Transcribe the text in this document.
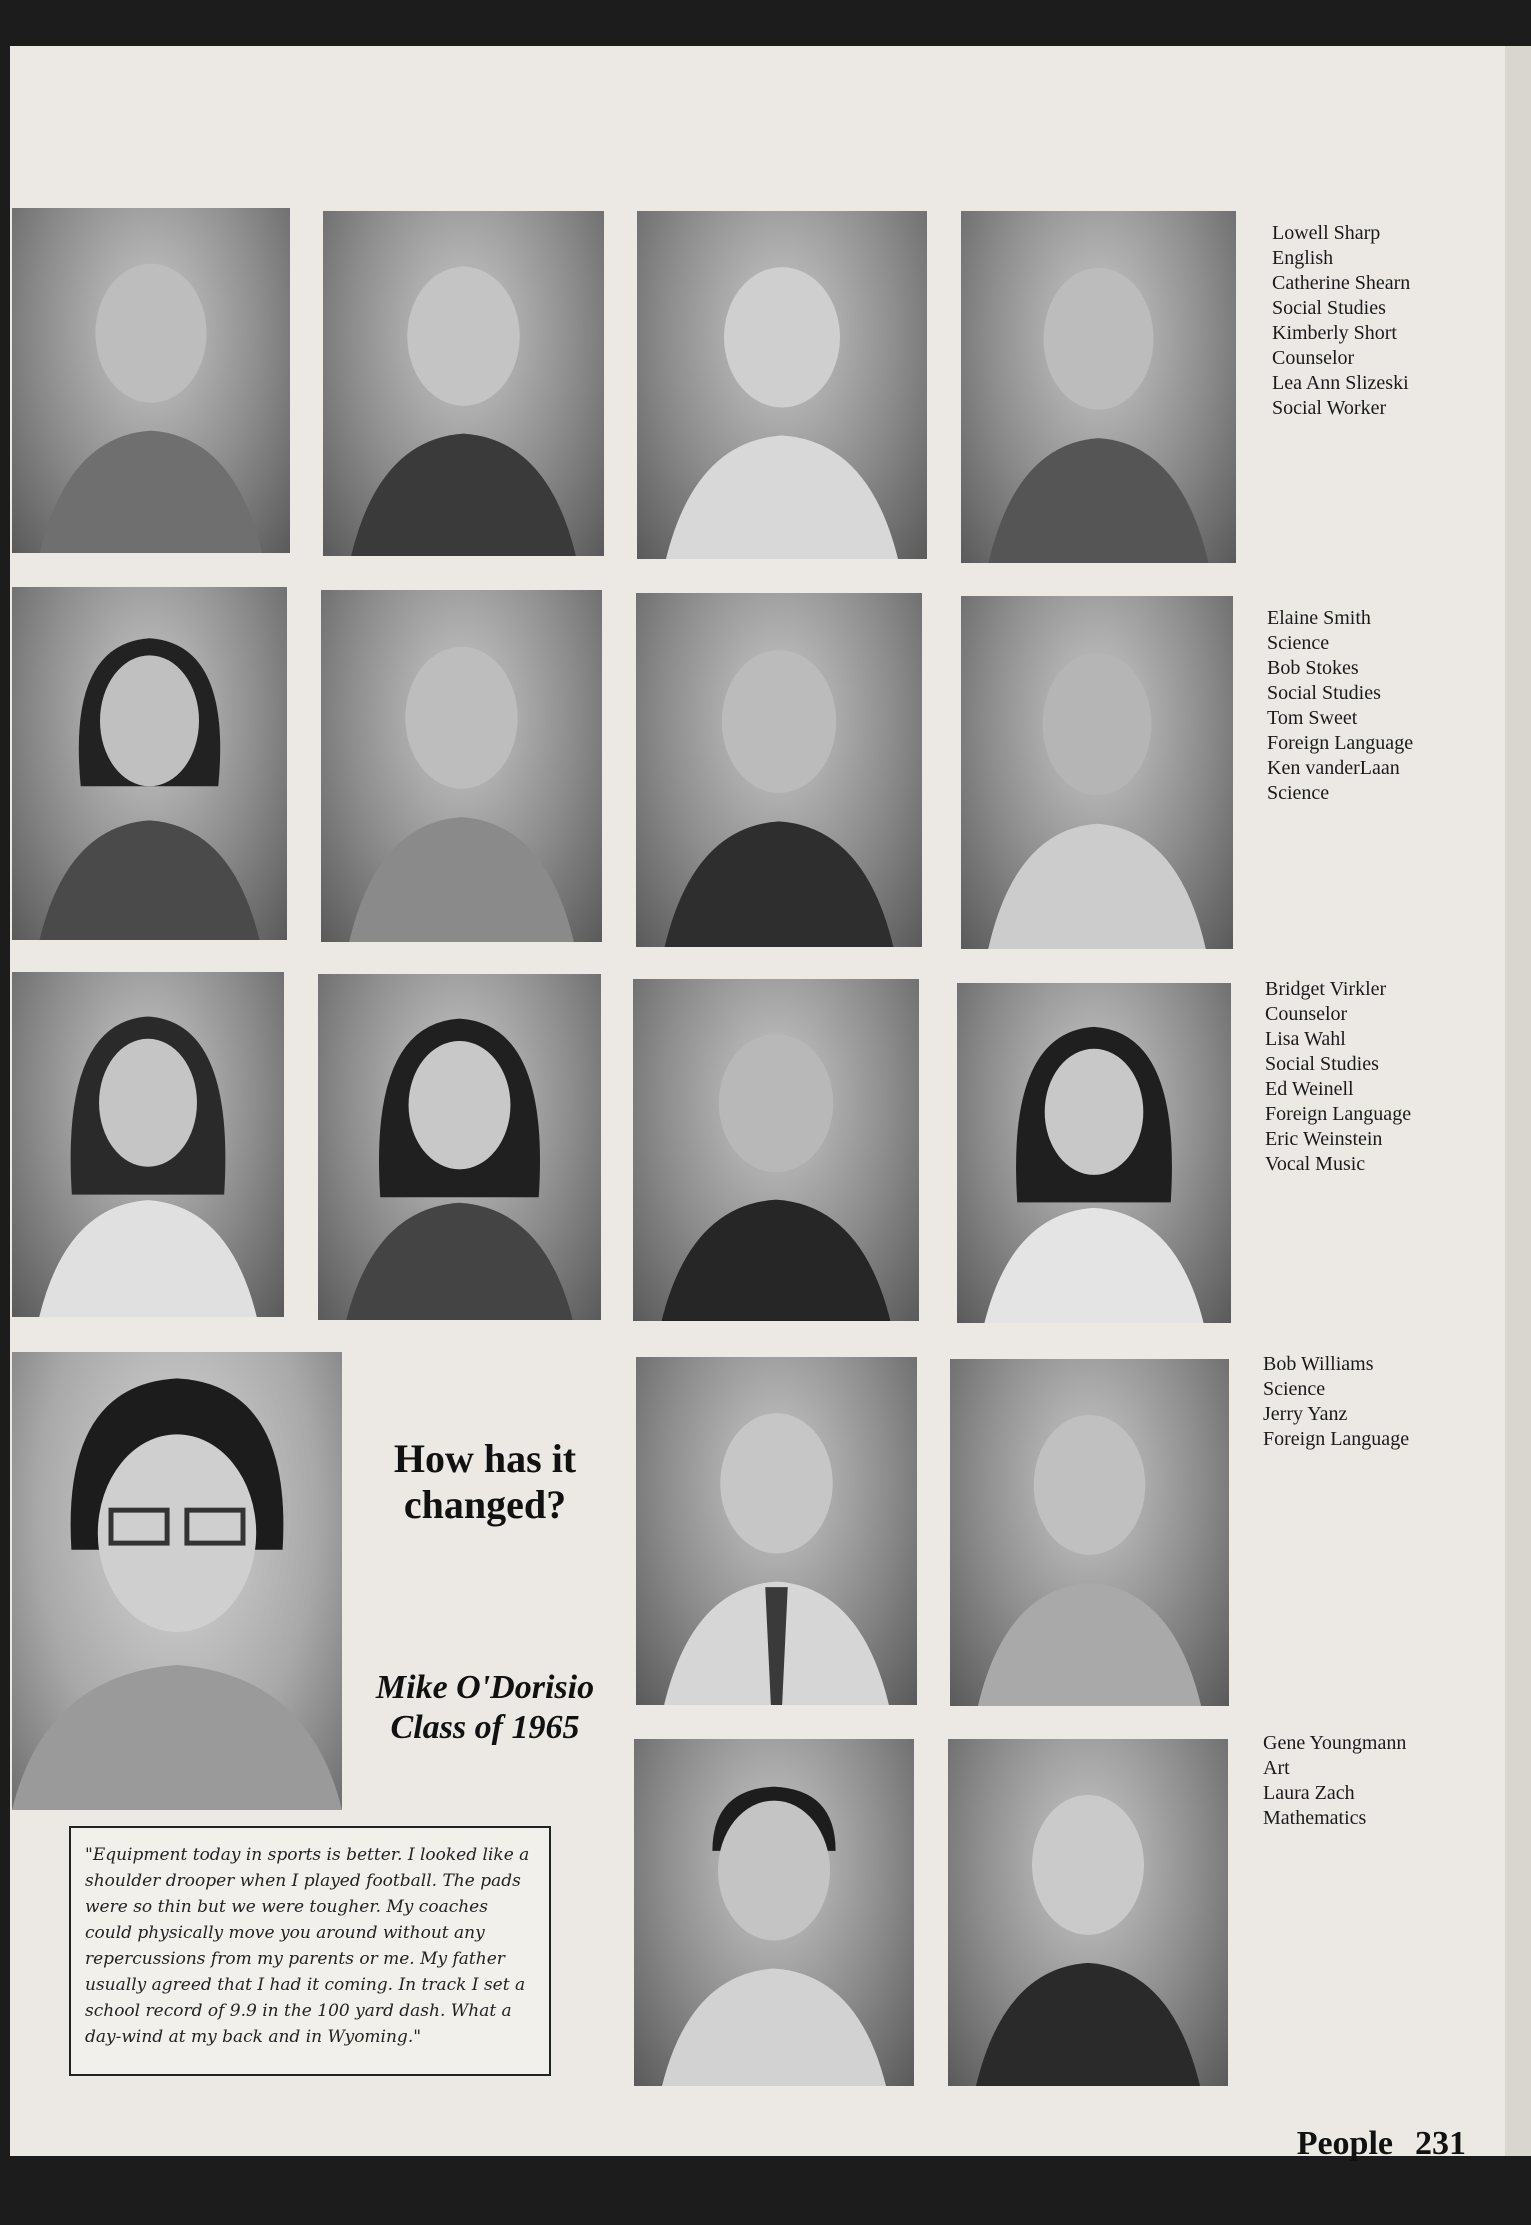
Lowell Sharp
English
Catherine Shearn
Social Studies
Kimberly Short
Counselor
Lea Ann Slizeski
Social Worker
Elaine Smith
Science
Bob Stokes
Social Studies
Tom Sweet
Foreign Language
Ken vanderLaan
Science
Bridget Virkler
Counselor
Lisa Wahl
Social Studies
Ed Weinell
Foreign Language
Eric Weinstein
Vocal Music
How has it
changed?
Mike O'Dorisio
Class of 1965
"Equipment today in sports is better. I looked like a shoulder drooper when I played football. The pads were so thin but we were tougher. My coaches could physically move you around without any repercussions from my parents or me. My father usually agreed that I had it coming. In track I set a school record of 9.9 in the 100 yard dash. What a day-wind at my back and in Wyoming."
Bob Williams
Science
Jerry Yanz
Foreign Language
Gene Youngmann
Art
Laura Zach
Mathematics
People 231
